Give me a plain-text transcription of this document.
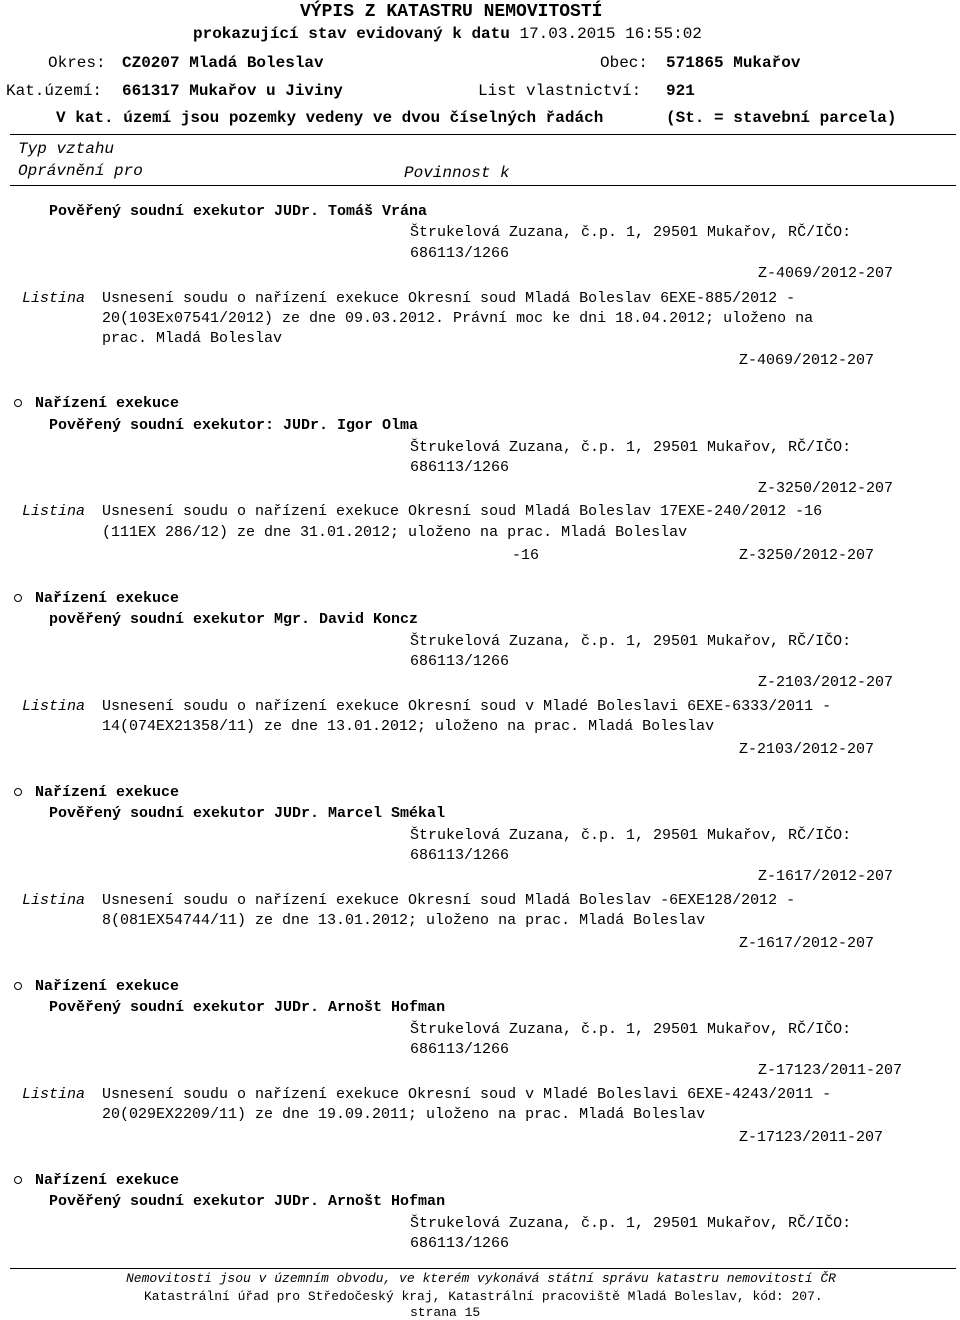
VÝPIS Z KATASTRU NEMOVITOSTÍ
prokazující stav evidovaný k datu 17.03.2015 16:55:02
Okres: CZ0207 Mladá Boleslav	Obec: 571865 Mukařov
Kat.území: 661317 Mukařov u Jiviny	List vlastnictví: 921
V kat. území jsou pozemky vedeny ve dvou číselných řadách	(St. = stavební parcela)
Typ vztahu
Oprávnění pro	Povinnost k
Pověřený soudní exekutor JUDr. Tomáš Vrána
Štrukelová Zuzana, č.p. 1, 29501 Mukařov, RČ/IČO:
686113/1266
Z-4069/2012-207
Listina Usnesení soudu o nařízení exekuce Okresní soud Mladá Boleslav 6EXE-885/2012 -
20(103Ex07541/2012) ze dne 09.03.2012. Právní moc ke dni 18.04.2012; uloženo na
prac. Mladá Boleslav
Z-4069/2012-207
Nařízení exekuce
Pověřený soudní exekutor: JUDr. Igor Olma
Štrukelová Zuzana, č.p. 1, 29501 Mukařov, RČ/IČO:
686113/1266
Z-3250/2012-207
Listina Usnesení soudu o nařízení exekuce Okresní soud Mladá Boleslav 17EXE-240/2012 -16
(111EX 286/12) ze dne 31.01.2012; uloženo na prac. Mladá Boleslav
-16	Z-3250/2012-207
Nařízení exekuce
pověřený soudní exekutor Mgr. David Koncz
Štrukelová Zuzana, č.p. 1, 29501 Mukařov, RČ/IČO:
686113/1266
Z-2103/2012-207
Listina Usnesení soudu o nařízení exekuce Okresní soud v Mladé Boleslavi 6EXE-6333/2011 -
14(074EX21358/11) ze dne 13.01.2012; uloženo na prac. Mladá Boleslav
Z-2103/2012-207
Nařízení exekuce
Pověřený soudní exekutor JUDr. Marcel Smékal
Štrukelová Zuzana, č.p. 1, 29501 Mukařov, RČ/IČO:
686113/1266
Z-1617/2012-207
Listina Usnesení soudu o nařízení exekuce Okresní soud Mladá Boleslav -6EXE128/2012 -
8(081EX54744/11) ze dne 13.01.2012; uloženo na prac. Mladá Boleslav
Z-1617/2012-207
Nařízení exekuce
Pověřený soudní exekutor JUDr. Arnošt Hofman
Štrukelová Zuzana, č.p. 1, 29501 Mukařov, RČ/IČO:
686113/1266
Z-17123/2011-207
Listina Usnesení soudu o nařízení exekuce Okresní soud v Mladé Boleslavi 6EXE-4243/2011 -
20(029EX2209/11) ze dne 19.09.2011; uloženo na prac. Mladá Boleslav
Z-17123/2011-207
Nařízení exekuce
Pověřený soudní exekutor JUDr. Arnošt Hofman
Štrukelová Zuzana, č.p. 1, 29501 Mukařov, RČ/IČO:
686113/1266
Nemovitosti jsou v územním obvodu, ve kterém vykonává státní správu katastru nemovitostí ČR
Katastrální úřad pro Středočeský kraj, Katastrální pracoviště Mladá Boleslav, kód: 207.
strana 15
